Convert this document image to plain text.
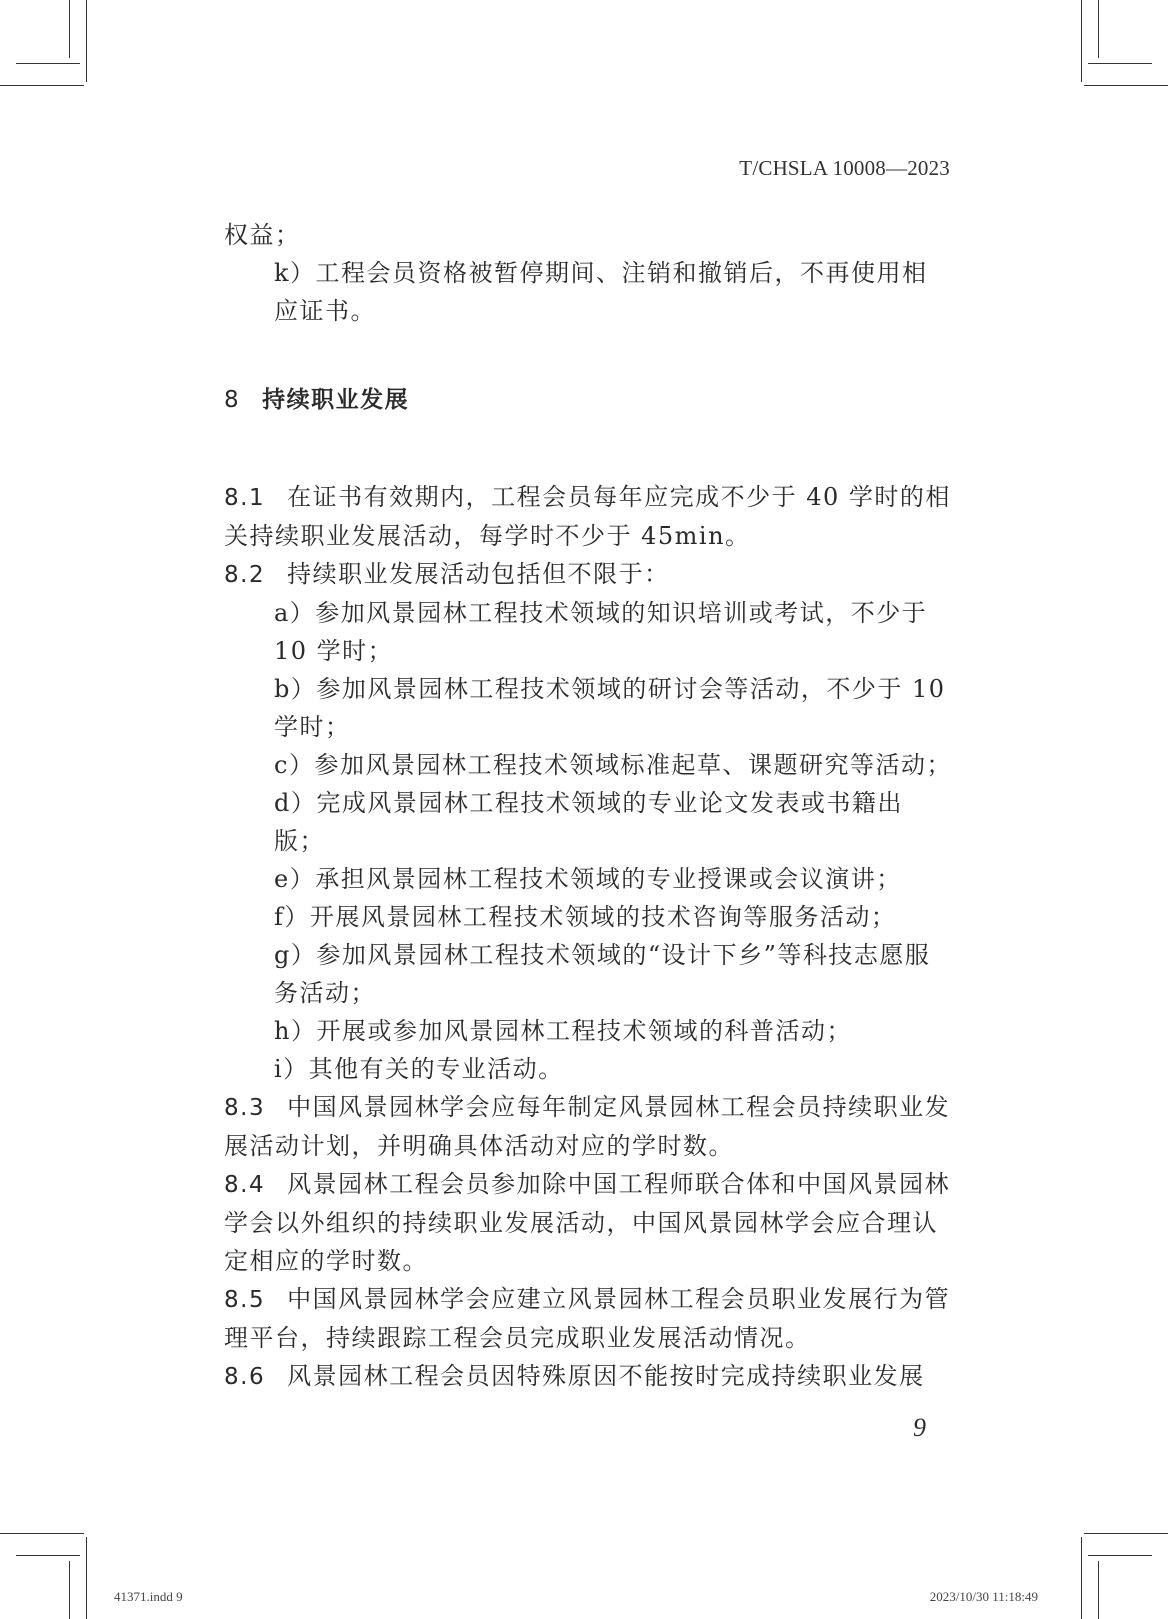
T/CHSLA 10008—2023

权益；

k）工程会员资格被暂停期间、注销和撤销后，不再使用相应证书。

8 持续职业发展

8.1 在证书有效期内，工程会员每年应完成不少于 40 学时的相关持续职业发展活动，每学时不少于 45min。

8.2 持续职业发展活动包括但不限于：

a）参加风景园林工程技术领域的知识培训或考试，不少于 10 学时；

b）参加风景园林工程技术领域的研讨会等活动，不少于 10 学时；

c）参加风景园林工程技术领域标准起草、课题研究等活动；

d）完成风景园林工程技术领域的专业论文发表或书籍出版；

e）承担风景园林工程技术领域的专业授课或会议演讲；

f）开展风景园林工程技术领域的技术咨询等服务活动；

g）参加风景园林工程技术领域的“设计下乡”等科技志愿服务活动；

h）开展或参加风景园林工程技术领域的科普活动；

i）其他有关的专业活动。

8.3 中国风景园林学会应每年制定风景园林工程会员持续职业发展活动计划，并明确具体活动对应的学时数。

8.4 风景园林工程会员参加除中国工程师联合体和中国风景园林学会以外组织的持续职业发展活动，中国风景园林学会应合理认定相应的学时数。

8.5 中国风景园林学会应建立风景园林工程会员职业发展行为管理平台，持续跟踪工程会员完成职业发展活动情况。

8.6 风景园林工程会员因特殊原因不能按时完成持续职业发展

9
41371.indd 9	2023/10/30 11:18:49
